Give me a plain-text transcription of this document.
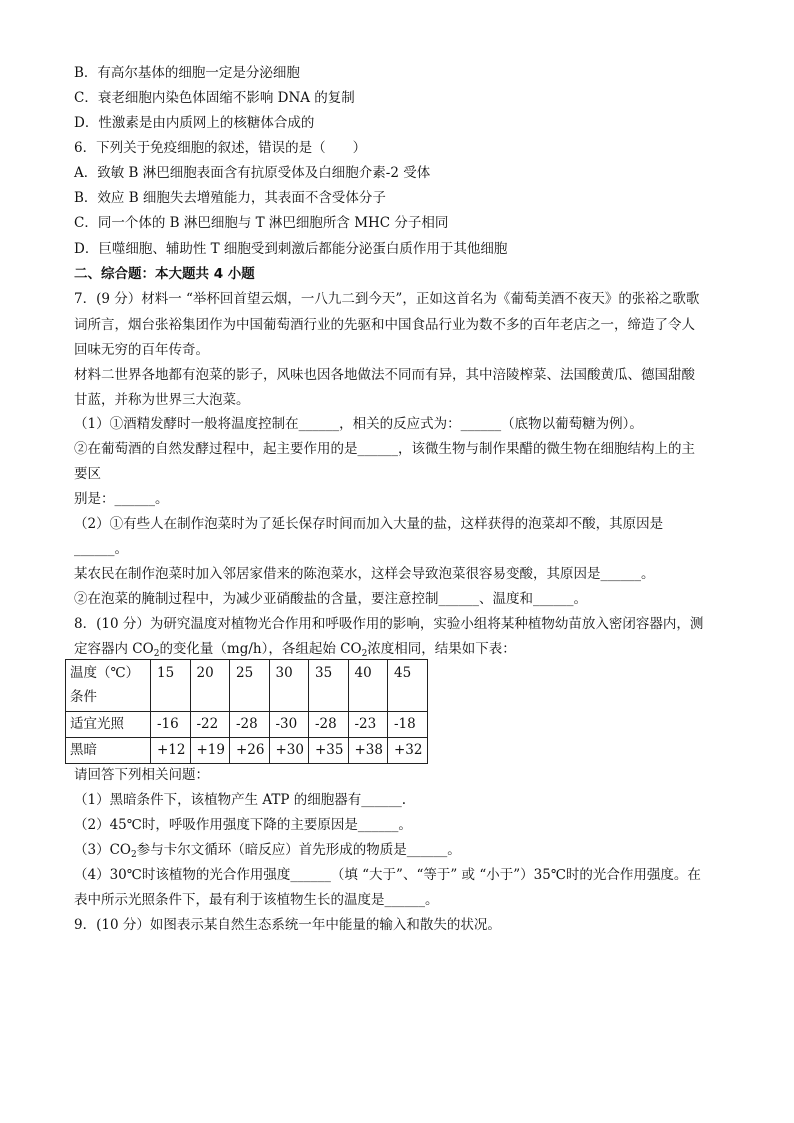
B．有高尔基体的细胞一定是分泌细胞
C．衰老细胞内染色体固缩不影响 DNA 的复制
D．性激素是由内质网上的核糖体合成的
6．下列关于免疫细胞的叙述，错误的是（　　）
A．致敏 B 淋巴细胞表面含有抗原受体及白细胞介素-2 受体
B．效应 B 细胞失去增殖能力，其表面不含受体分子
C．同一个体的 B 淋巴细胞与 T 淋巴细胞所含 MHC 分子相同
D．巨噬细胞、辅助性 T 细胞受到刺激后都能分泌蛋白质作用于其他细胞
二、综合题：本大题共 4 小题
7．(9 分）材料一 “举杯回首望云烟，一八九二到今天”，正如这首名为《葡萄美酒不夜天》的张裕之歌歌
词所言，烟台张裕集团作为中国葡萄酒行业的先驱和中国食品行业为数不多的百年老店之一，缔造了令人
回味无穷的百年传奇。
材料二世界各地都有泡菜的影子，风味也因各地做法不同而有异，其中涪陵榨菜、法国酸黄瓜、德国甜酸
甘蓝，并称为世界三大泡菜。
（1）①酒精发酵时一般将温度控制在______，相关的反应式为：______（底物以葡萄糖为例）。
②在葡萄酒的自然发酵过程中，起主要作用的是______，该微生物与制作果醋的微生物在细胞结构上的主
要区
别是：______。
（2）①有些人在制作泡菜时为了延长保存时间而加入大量的盐，这样获得的泡菜却不酸，其原因是
______。
某农民在制作泡菜时加入邻居家借来的陈泡菜水，这样会导致泡菜很容易变酸，其原因是______。
②在泡菜的腌制过程中，为减少亚硝酸盐的含量，要注意控制______、温度和______。
8．(10 分）为研究温度对植物光合作用和呼吸作用的影响，实验小组将某种植物幼苗放入密闭容器内，测
定容器内 $CO_2$的变化量（mg/h），各组起始 $CO_2$浓度相同，结果如下表：
温度（℃）
条件	15	20	25	30	35	40	45
适宜光照	-16	-22	-28	-30	-28	-23	-18
黑暗	+12	+19	+26	+30	+35	+38	+32
请回答下列相关问题：
（1）黑暗条件下，该植物产生 ATP 的细胞器有______.
（2）45℃时，呼吸作用强度下降的主要原因是______。
$(3)CO_2$参与卡尔文循环（暗反应）首先形成的物质是______。
（4）30℃时该植物的光合作用强度______（填 “大于”、“等于” 或 “小于”）35℃时的光合作用强度。在
表中所示光照条件下，最有利于该植物生长的温度是______。
9．(10 分）如图表示某自然生态系统一年中能量的输入和散失的状况。
